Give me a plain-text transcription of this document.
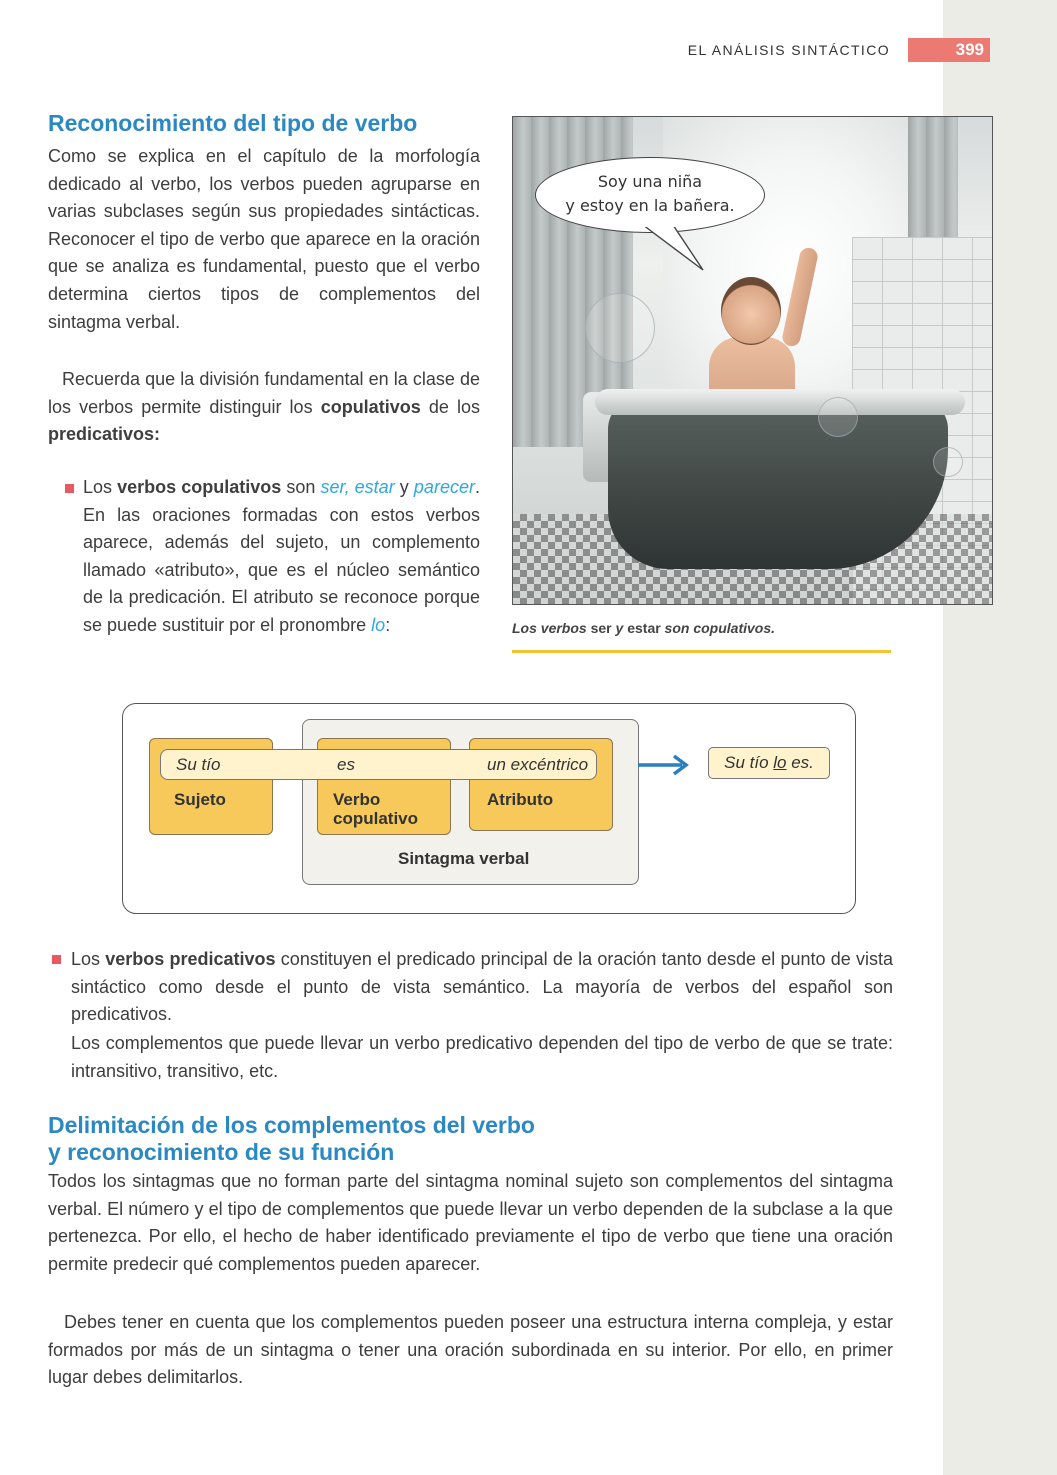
EL ANÁLISIS SINTÁCTICO	399
Reconocimiento del tipo de verbo
Como se explica en el capítulo de la morfología dedicado al verbo, los verbos pueden agruparse en varias subclases según sus propiedades sintácticas. Reconocer el tipo de verbo que aparece en la oración que se analiza es fundamental, puesto que el verbo determina ciertos tipos de complementos del sintagma verbal.
Recuerda que la división fundamental en la clase de los verbos permite distinguir los copulativos de los predicativos:
Los verbos copulativos son ser, estar y parecer. En las oraciones formadas con estos verbos aparece, además del sujeto, un complemento llamado «atributo», que es el núcleo semántico de la predicación. El atributo se reconoce porque se puede sustituir por el pronombre lo:
Soy una niña
y estoy en la bañera.
Los verbos ser y estar son copulativos.
Su tío	es	un excéntrico
Sujeto	Verbo
copulativo
Atributo
Sintagma verbal
Su tío lo es.
Los verbos predicativos constituyen el predicado principal de la oración tanto desde el punto de vista sintáctico como desde el punto de vista semántico. La mayoría de verbos del español son predicativos.
Los complementos que puede llevar un verbo predicativo dependen del tipo de verbo de que se trate: intransitivo, transitivo, etc.
Delimitación de los complementos del verbo
y reconocimiento de su función
Todos los sintagmas que no forman parte del sintagma nominal sujeto son complementos del sintagma verbal. El número y el tipo de complementos que puede llevar un verbo dependen de la subclase a la que pertenezca. Por ello, el hecho de haber identificado previamente el tipo de verbo que tiene una oración permite predecir qué complementos pueden aparecer.
Debes tener en cuenta que los complementos pueden poseer una estructura interna compleja, y estar formados por más de un sintagma o tener una oración subordinada en su interior. Por ello, en primer lugar debes delimitarlos.
